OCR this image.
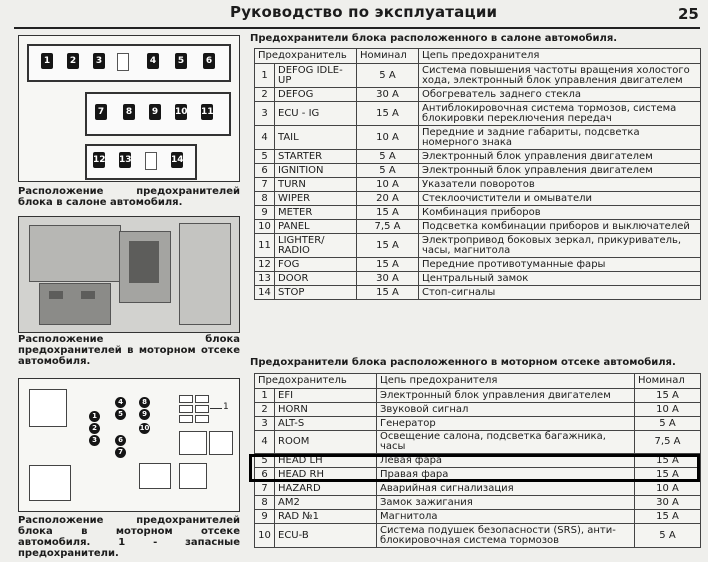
Руководство по эксплуатации	25
1	2	3	4	5	6
7	8	9	10 11
12 13	14
Расположение предохранителей блока в салоне автомобиля.
Расположение блока предохранителей в моторном отсеке автомобиля.
4	8
5	9
1
2
3	6
10
7
1
Расположение предохранителей блока в моторном отсеке автомобиля. 1 - запасные предохранители.
Предохранители блока расположенного в салоне автомобиля.
Предохранитель		Номинал	Цепь предохранителя
1	DEFOG IDLE-UP	5 A	Система повышения частоты вращения холостого хода, электронный блок управления двигателем
2	DEFOG	30 A	Обогреватель заднего стекла
3	ECU - IG	15 A	Антиблокировочная система тормозов, система блокировки переключения передач
4	TAIL	10 A	Передние и задние габариты, подсветка номерного знака
5	STARTER	5 A	Электронный блок управления двигателем
6	IGNITION	5 A	Электронный блок управления двигателем
7	TURN	10 A	Указатели поворотов
8	WIPER	20 A	Стеклоочистители и омыватели
9	METER	15 A	Комбинация приборов
10	PANEL	7,5 A	Подсветка комбинации приборов и выключателей
11	LIGHTER/ RADIO	15 A	Электропривод боковых зеркал, прикуриватель, часы, магнитола
12	FOG	15 A	Передние противотуманные фары
13	DOOR	30 A	Центральный замок
14	STOP	15 A	Стоп-сигналы
Предохранители блока расположенного в моторном отсеке автомобиля.
Предохранитель		Цепь предохранителя	Номинал
1	EFI	Электронный блок управления двигателем	15 A
2	HORN	Звуковой сигнал	10 A
3	ALT-S	Генератор	5 A
4	ROOM	Освещение салона, подсветка багажника, часы	7,5 A
5	HEAD LH	Левая фара	15 A
6	HEAD RH	Правая фара	15 A
7	HAZARD	Аварийная сигнализация	10 A
8	AM2	Замок зажигания	30 A
9	RAD №1	Магнитола	15 A
10	ECU-B	Система подушек безопасности (SRS), анти-блокировочная система тормозов	5 A
